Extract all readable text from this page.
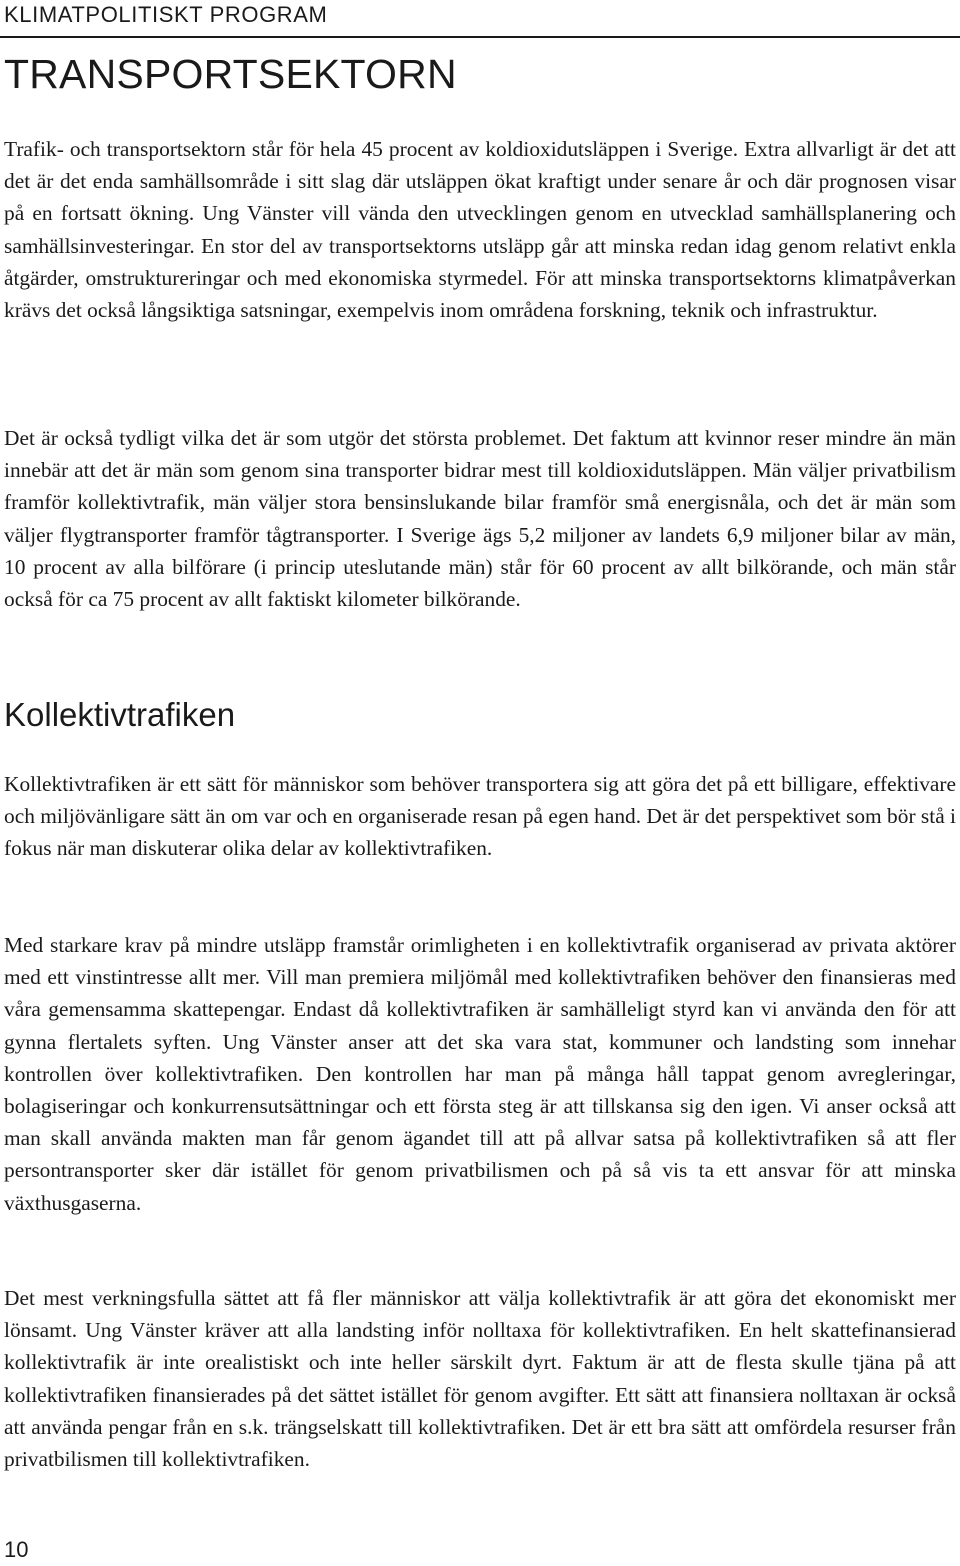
KLIMATPOLITISKT PROGRAM
TRANSPORTSEKTORN

Trafik- och transportsektorn står för hela 45 procent av koldioxidutsläppen i Sverige. Extra allvarligt är det att det är det enda samhällsområde i sitt slag där utsläppen ökat kraftigt under senare år och där prognosen visar på en fortsatt ökning. Ung Vänster vill vända den utvecklingen genom en utvecklad samhällsplanering och samhällsinvesteringar. En stor del av transportsektorns utsläpp går att minska redan idag genom relativt enkla åtgärder, omstruktureringar och med ekonomiska styrmedel. För att minska transportsektorns klimatpåverkan krävs det också långsiktiga satsningar, exempelvis inom områdena forskning, teknik och infrastruktur.

Det är också tydligt vilka det är som utgör det största problemet. Det faktum att kvinnor reser mindre än män innebär att det är män som genom sina transporter bidrar mest till koldioxidutsläppen. Män väljer privatbilism framför kollektivtrafik, män väljer stora bensinslukande bilar framför små energisnåla, och det är män som väljer flygtransporter framför tågtransporter. I Sverige ägs 5,2 miljoner av landets 6,9 miljoner bilar av män, 10 procent av alla bilförare (i princip uteslutande män) står för 60 procent av allt bilkörande, och män står också för ca 75 procent av allt faktiskt kilometer bilkörande.

Kollektivtrafiken

Kollektivtrafiken är ett sätt för människor som behöver transportera sig att göra det på ett billigare, effektivare och miljövänligare sätt än om var och en organiserade resan på egen hand. Det är det perspektivet som bör stå i fokus när man diskuterar olika delar av kollektivtrafiken.

Med starkare krav på mindre utsläpp framstår orimligheten i en kollektivtrafik organiserad av privata aktörer med ett vinstintresse allt mer. Vill man premiera miljömål med kollektivtrafiken behöver den finansieras med våra gemensamma skattepengar. Endast då kollektivtrafiken är samhälleligt styrd kan vi använda den för att gynna flertalets syften. Ung Vänster anser att det ska vara stat, kommuner och landsting som innehar kontrollen över kollektivtrafiken. Den kontrollen har man på många håll tappat genom avregleringar, bolagiseringar och konkurrensutsättningar och ett första steg är att tillskansa sig den igen. Vi anser också att man skall använda makten man får genom ägandet till att på allvar satsa på kollektivtrafiken så att fler persontransporter sker där istället för genom privatbilismen och på så vis ta ett ansvar för att minska växthusgaserna.

Det mest verkningsfulla sättet att få fler människor att välja kollektivtrafik är att göra det ekonomiskt mer lönsamt. Ung Vänster kräver att alla landsting inför nolltaxa för kollektivtrafiken. En helt skattefinansierad kollektivtrafik är inte orealistiskt och inte heller särskilt dyrt. Faktum är att de flesta skulle tjäna på att kollektivtrafiken finansierades på det sättet istället för genom avgifter. Ett sätt att finansiera nolltaxan är också att använda pengar från en s.k. trängselskatt till kollektivtrafiken. Det är ett bra sätt att omfördela resurser från privatbilismen till kollektivtrafiken.

10
